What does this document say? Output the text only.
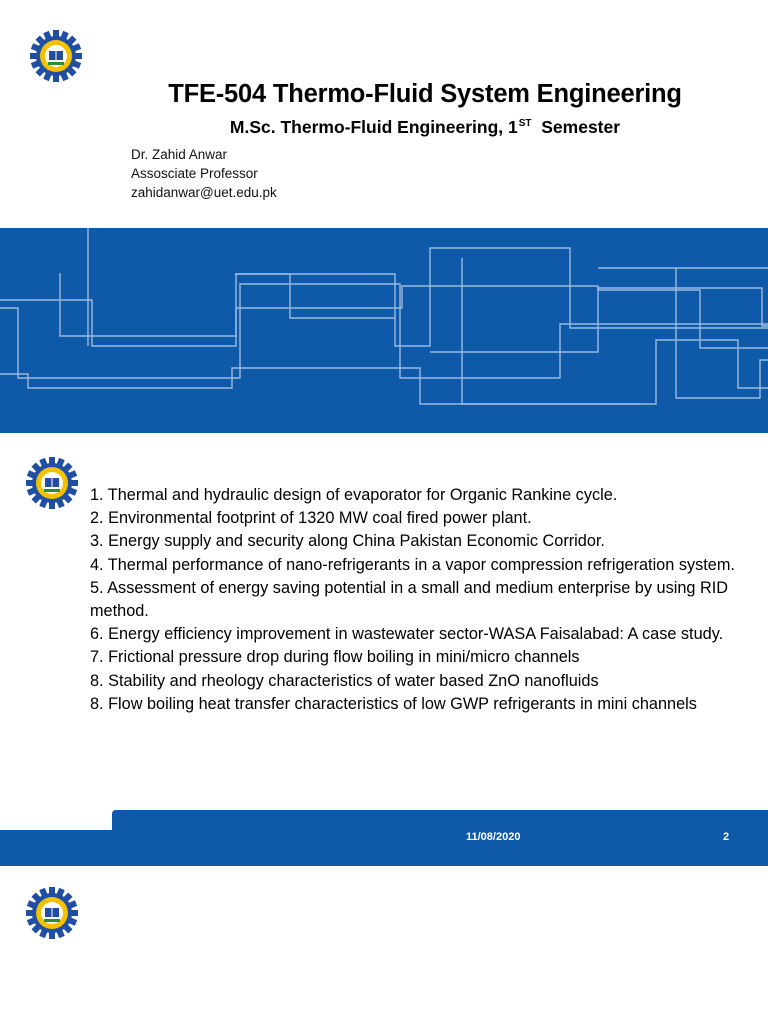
TFE-504 Thermo-Fluid System Engineering
M.Sc. Thermo-Fluid Engineering, 1ST Semester
Dr. Zahid Anwar
Assosciate Professor
zahidanwar@uet.edu.pk
1. Thermal and hydraulic design of evaporator for Organic Rankine cycle.
2. Environmental footprint of 1320 MW coal fired power plant.
3. Energy supply and security along China Pakistan Economic Corridor.
4. Thermal performance of nano-refrigerants in a vapor compression refrigeration system.
5. Assessment of energy saving potential in a small and medium enterprise by using RID method.
6. Energy efficiency improvement in wastewater sector-WASA Faisalabad: A case study.
7. Frictional pressure drop during flow boiling in mini/micro channels
8. Stability and rheology characteristics of water based ZnO nanofluids
8. Flow boiling heat transfer characteristics of low GWP refrigerants in mini channels
11/08/2020	2
